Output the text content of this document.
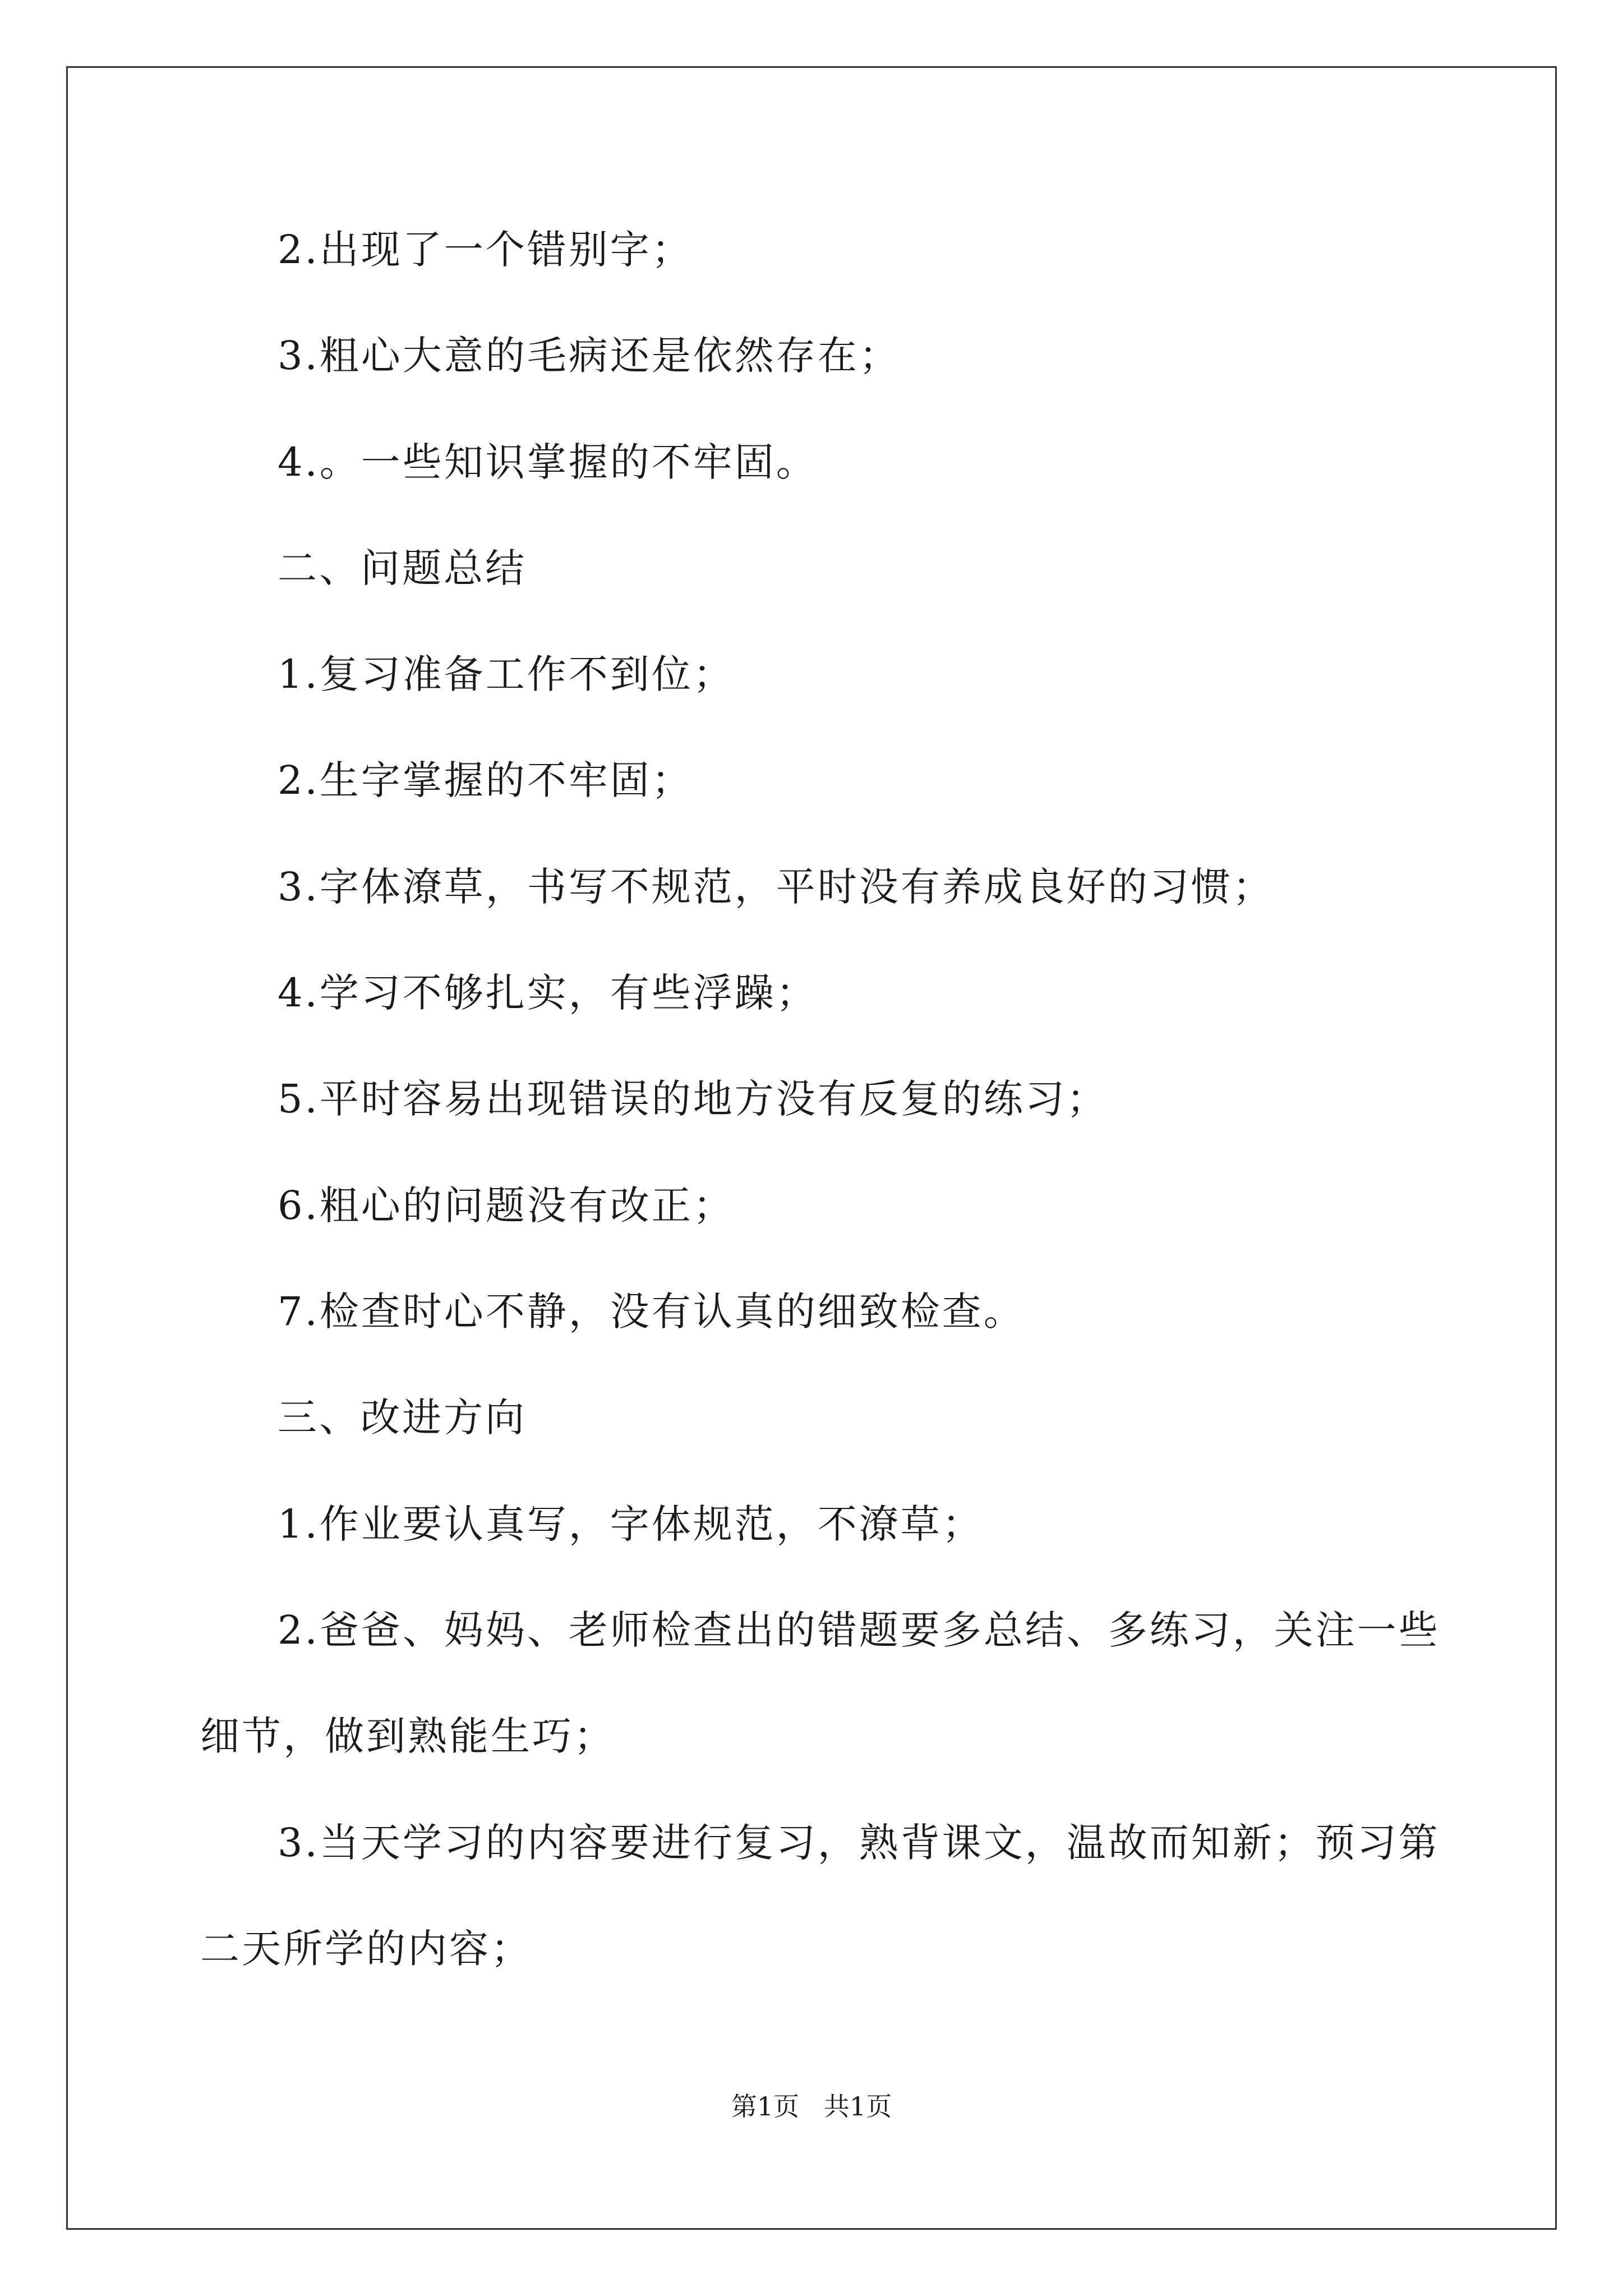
2.出现了一个错别字；
3.粗心大意的毛病还是依然存在；
4.。一些知识掌握的不牢固。
二、问题总结
1.复习准备工作不到位；
2.生字掌握的不牢固；
3.字体潦草，书写不规范，平时没有养成良好的习惯；
4.学习不够扎实，有些浮躁；
5.平时容易出现错误的地方没有反复的练习；
6.粗心的问题没有改正；
7.检查时心不静，没有认真的细致检查。
三、改进方向
1.作业要认真写，字体规范，不潦草；
2.爸爸、妈妈、老师检查出的错题要多总结、多练习，关注一些
细节，做到熟能生巧；
3.当天学习的内容要进行复习，熟背课文，温故而知新；预习第
二天所学的内容；
第1页   共1页
